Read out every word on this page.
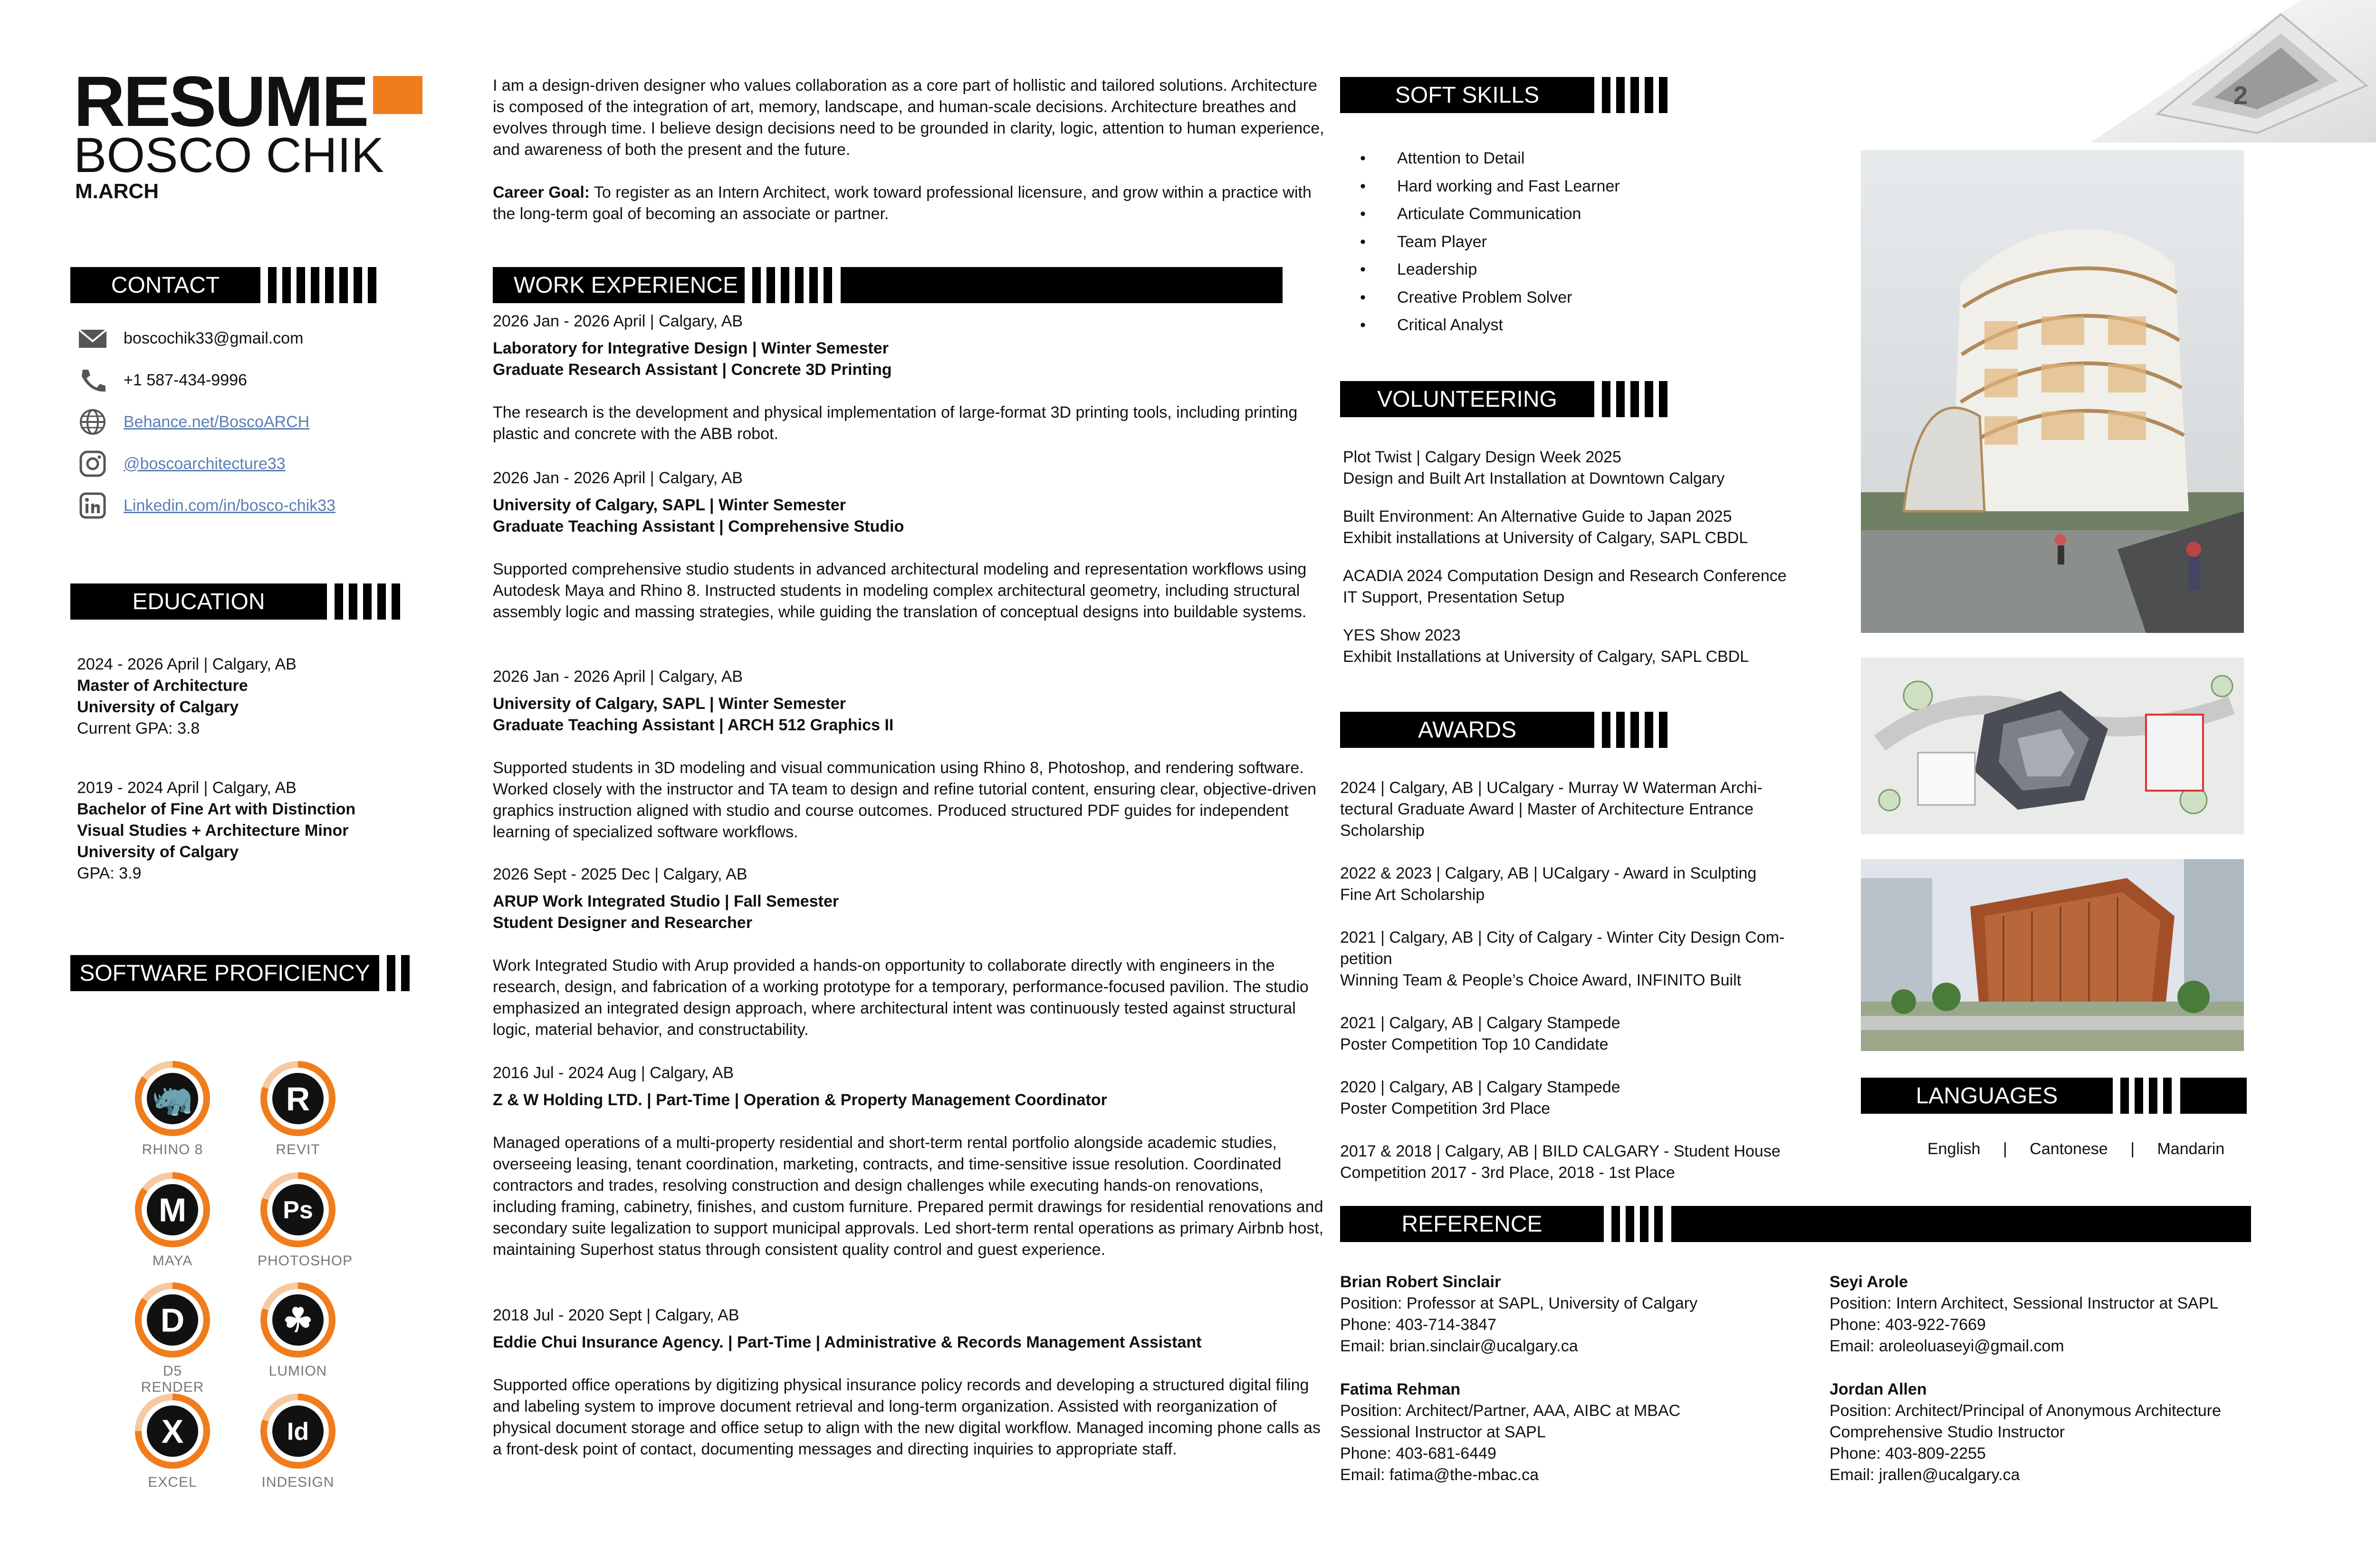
2
RESUME
BOSCO CHIK
M.ARCH

I am a design-driven designer who values collaboration as a core part of hollistic and tailored solutions. Architecture is composed of the integration of art, memory, landscape, and human-scale decisions. Architecture breathes and evolves through time. I believe design decisions need to be grounded in clarity, logic, attention to human experience, and awareness of both the present and the future.

Career Goal: To register as an Intern Architect, work toward professional licensure, and grow within a practice with the long-term goal of becoming an associate or partner.

CONTACT
boscochik33@gmail.com
+1 587-434-9996
Behance.net/BoscoARCH
@boscoarchitecture33
Linkedin.com/in/bosco-chik33
EDUCATION

2024 - 2026 April | Calgary, AB

Master of Architecture

University of Calgary

Current GPA: 3.8

2019 - 2024 April | Calgary, AB

Bachelor of Fine Art with Distinction

Visual Studies + Architecture Minor

University of Calgary

GPA: 3.9

SOFTWARE PROFICIENCY
🦏
RHINO 8
R
REVIT
M
MAYA
Ps
PHOTOSHOP
D
D5 RENDER
☘
LUMION
X
EXCEL
Id
INDESIGN
WORK EXPERIENCE

2026 Jan - 2026 April | Calgary, AB

Laboratory for Integrative Design | Winter Semester

Graduate Research Assistant | Concrete 3D Printing

The research is the development and physical implementation of large-format 3D printing tools, including printing plastic and concrete with the ABB robot.

2026 Jan - 2026 April | Calgary, AB

University of Calgary, SAPL | Winter Semester

Graduate Teaching Assistant | Comprehensive Studio

Supported comprehensive studio students in advanced architectural modeling and representation workflows using Autodesk Maya and Rhino 8. Instructed students in modeling complex architectural geometry, including structural assembly logic and massing strategies, while guiding the translation of conceptual designs into buildable systems.

2026 Jan - 2026 April | Calgary, AB

University of Calgary, SAPL | Winter Semester

Graduate Teaching Assistant | ARCH 512 Graphics II

Supported students in 3D modeling and visual communication using Rhino 8, Photoshop, and rendering software. Worked closely with the instructor and TA team to design and refine tutorial content, ensuring clear, objective-driven graphics instruction aligned with studio and course outcomes. Produced structured PDF guides for independent learning of specialized software workflows.

2026 Sept - 2025 Dec | Calgary, AB

ARUP Work Integrated Studio | Fall Semester

Student Designer and Researcher

Work Integrated Studio with Arup provided a hands-on opportunity to collaborate directly with engineers in the research, design, and fabrication of a working prototype for a temporary, performance-focused pavilion. The studio emphasized an integrated design approach, where architectural intent was continuously tested against structural logic, material behavior, and constructability.

2016 Jul - 2024 Aug | Calgary, AB

Z & W Holding LTD. | Part-Time | Operation & Property Management Coordinator

Managed operations of a multi-property residential and short-term rental portfolio alongside academic studies, overseeing leasing, tenant coordination, marketing, contracts, and time-sensitive issue resolution. Coordinated contractors and trades, resolving construction and design challenges while executing hands-on renovations, including framing, cabinetry, finishes, and custom furniture. Prepared permit drawings for residential renovations and secondary suite legalization to support municipal approvals. Led short-term rental operations as primary Airbnb host, maintaining Superhost status through consistent quality control and guest experience.

2018 Jul - 2020 Sept | Calgary, AB

Eddie Chui Insurance Agency. | Part-Time | Administrative & Records Management Assistant

Supported office operations by digitizing physical insurance policy records and developing a structured digital filing and labeling system to improve document retrieval and long-term organization. Assisted with reorganization of physical document storage and office setup to align with the new digital workflow. Managed incoming phone calls as a front-desk point of contact, documenting messages and directing inquiries to appropriate staff.

SOFT SKILLS
• Attention to Detail
• Hard working and Fast Learner
• Articulate Communication
• Team Player
• Leadership
• Creative Problem Solver
• Critical Analyst
VOLUNTEERING

Plot Twist | Calgary Design Week 2025

Design and Built Art Installation at Downtown Calgary

Built Environment: An Alternative Guide to Japan 2025

Exhibit installations at University of Calgary, SAPL CBDL

ACADIA 2024 Computation Design and Research Conference

IT Support, Presentation Setup

YES Show 2023

Exhibit Installations at University of Calgary, SAPL CBDL

AWARDS
2024 | Calgary, AB | UCalgary - Murray W Waterman Archi-
tectural Graduate Award | Master of Architecture Entrance
Scholarship
2022 & 2023 | Calgary, AB | UCalgary - Award in Sculpting
Fine Art Scholarship
2021 | Calgary, AB | City of Calgary - Winter City Design Com-
petition
Winning Team & People’s Choice Award, INFINITO Built
2021 | Calgary, AB | Calgary Stampede
Poster Competition Top 10 Candidate
2020 | Calgary, AB | Calgary Stampede
Poster Competition 3rd Place
2017 & 2018 | Calgary, AB | BILD CALGARY - Student House
Competition 2017 - 3rd Place, 2018 - 1st Place
LANGUAGES
English | Cantonese | Mandarin
REFERENCE

Brian Robert Sinclair

Position: Professor at SAPL, University of Calgary

Phone: 403-714-3847

Email: brian.sinclair@ucalgary.ca

Seyi Arole

Position: Intern Architect, Sessional Instructor at SAPL

Phone: 403-922-7669

Email: aroleoluaseyi@gmail.com

Fatima Rehman

Position: Architect/Partner, AAA, AIBC at MBAC

Sessional Instructor at SAPL

Phone: 403-681-6449

Email: fatima@the-mbac.ca

Jordan Allen

Position: Architect/Principal of Anonymous Architecture

Comprehensive Studio Instructor

Phone: 403-809-2255

Email: jrallen@ucalgary.ca
